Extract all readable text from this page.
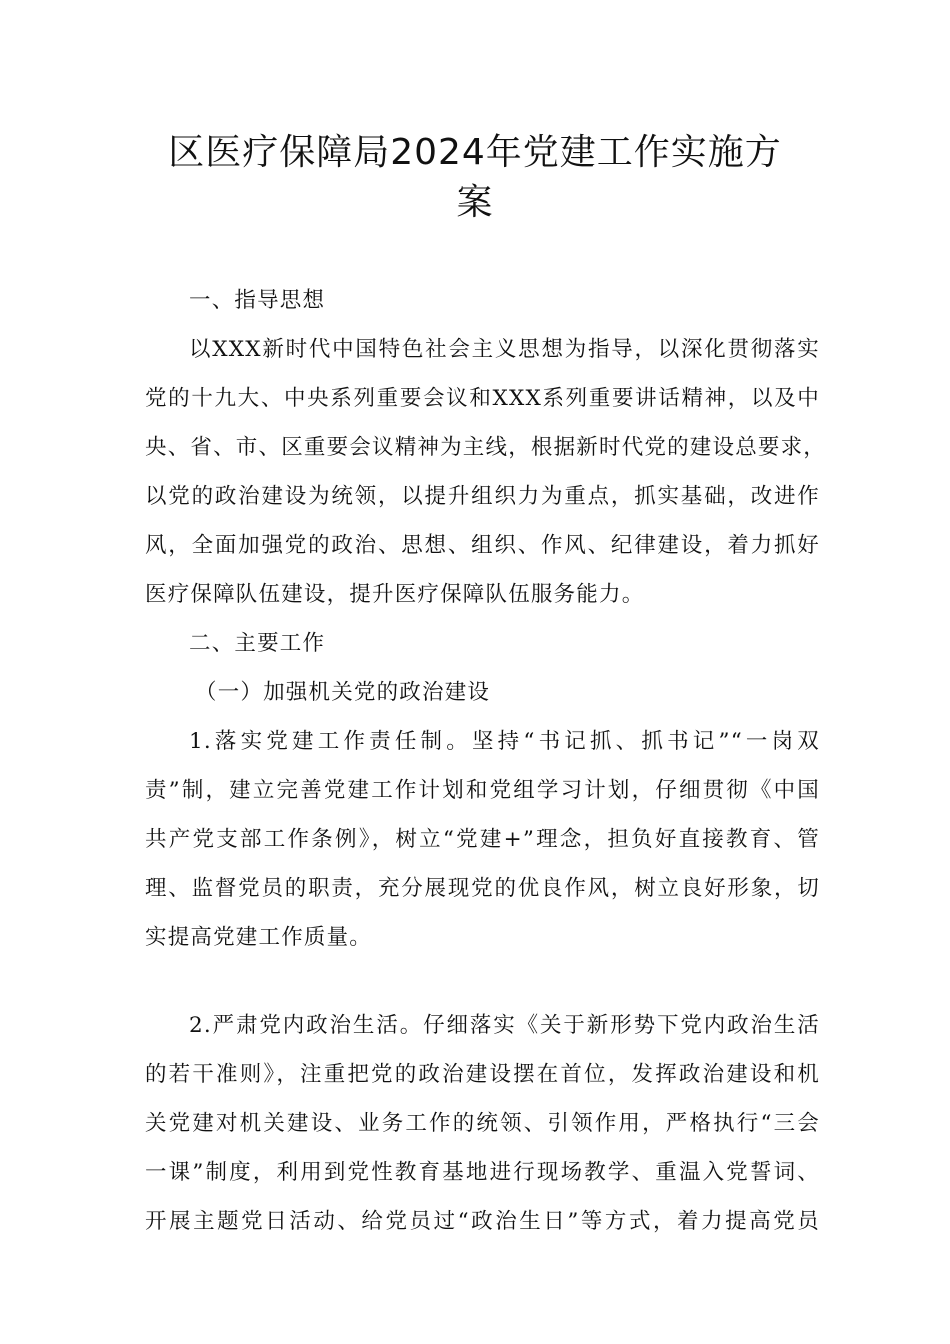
区医疗保障局2024年党建工作实施方
案
一、指导思想
以XXX新时代中国特色社会主义思想为指导，以深化贯彻落实
党的十九大、中央系列重要会议和XXX系列重要讲话精神，以及中
央、省、市、区重要会议精神为主线，根据新时代党的建设总要求，
以党的政治建设为统领，以提升组织力为重点，抓实基础，改进作
风，全面加强党的政治、思想、组织、作风、纪律建设，着力抓好
医疗保障队伍建设，提升医疗保障队伍服务能力。
二、主要工作
（一）加强机关党的政治建设
1.落实党建工作责任制。坚持“书记抓、抓书记”“一岗双
责”制，建立完善党建工作计划和党组学习计划，仔细贯彻《中国
共产党支部工作条例》，树立“党建+”理念，担负好直接教育、管
理、监督党员的职责，充分展现党的优良作风，树立良好形象，切
实提高党建工作质量。
2.严肃党内政治生活。仔细落实《关于新形势下党内政治生活
的若干准则》，注重把党的政治建设摆在首位，发挥政治建设和机
关党建对机关建设、业务工作的统领、引领作用，严格执行“三会
一课”制度，利用到党性教育基地进行现场教学、重温入党誓词、
开展主题党日活动、给党员过“政治生日”等方式，着力提高党员
